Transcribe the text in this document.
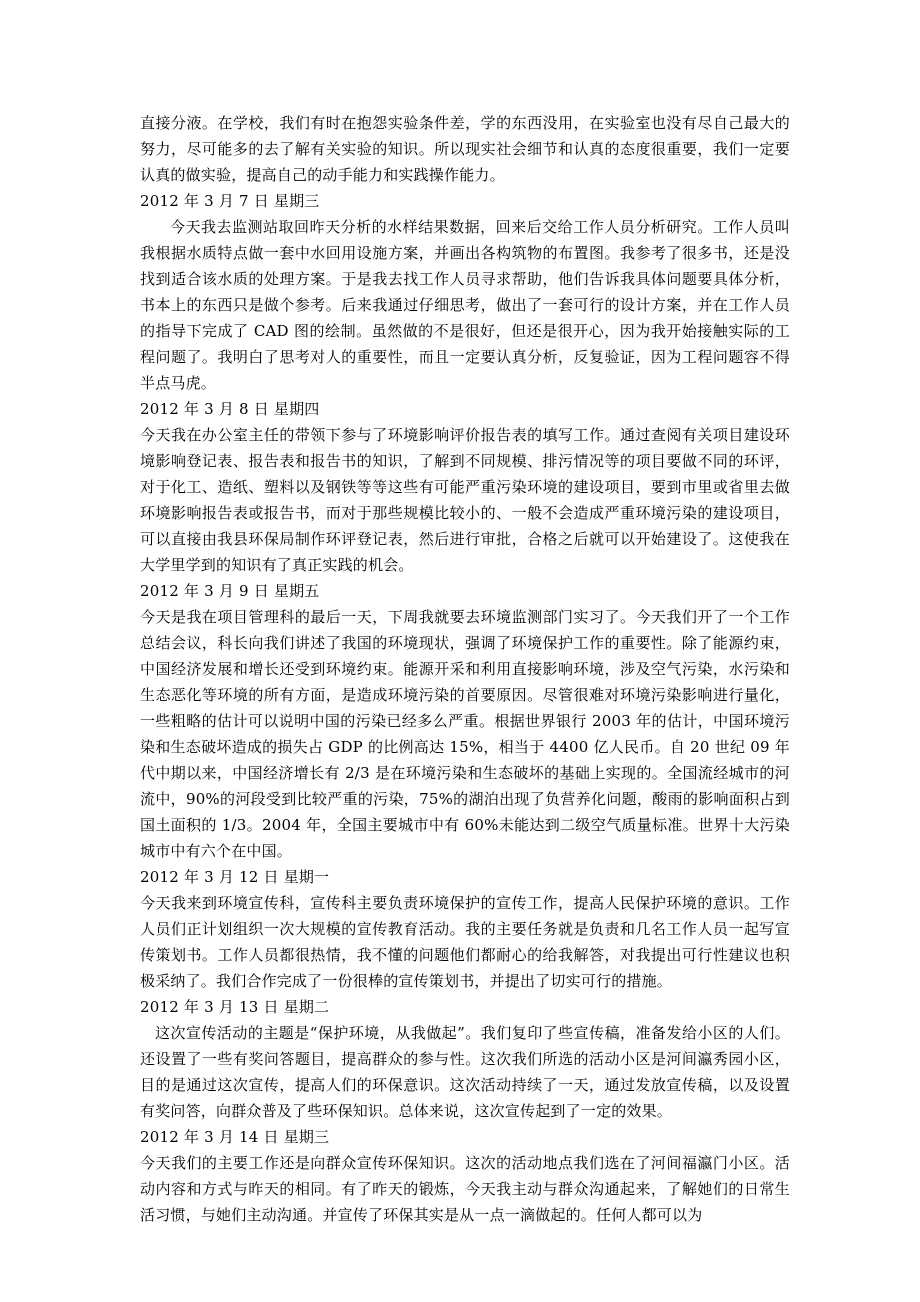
直接分液。在学校，我们有时在抱怨实验条件差，学的东西没用，在实验室也没有尽自己最大的努力，尽可能多的去了解有关实验的知识。所以现实社会细节和认真的态度很重要，我们一定要认真的做实验，提高自己的动手能力和实践操作能力。

2012 年 3 月 7 日 星期三

今天我去监测站取回昨天分析的水样结果数据，回来后交给工作人员分析研究。工作人员叫我根据水质特点做一套中水回用设施方案，并画出各构筑物的布置图。我参考了很多书，还是没找到适合该水质的处理方案。于是我去找工作人员寻求帮助，他们告诉我具体问题要具体分析，书本上的东西只是做个参考。后来我通过仔细思考，做出了一套可行的设计方案，并在工作人员的指导下完成了 CAD 图的绘制。虽然做的不是很好，但还是很开心，因为我开始接触实际的工程问题了。我明白了思考对人的重要性，而且一定要认真分析，反复验证，因为工程问题容不得半点马虎。

2012 年 3 月 8 日 星期四

今天我在办公室主任的带领下参与了环境影响评价报告表的填写工作。通过查阅有关项目建设环境影响登记表、报告表和报告书的知识，了解到不同规模、排污情况等的项目要做不同的环评，对于化工、造纸、塑料以及钢铁等等这些有可能严重污染环境的建设项目，要到市里或省里去做环境影响报告表或报告书，而对于那些规模比较小的、一般不会造成严重环境污染的建设项目，可以直接由我县环保局制作环评登记表，然后进行审批，合格之后就可以开始建设了。这使我在大学里学到的知识有了真正实践的机会。

2012 年 3 月 9 日 星期五

今天是我在项目管理科的最后一天，下周我就要去环境监测部门实习了。今天我们开了一个工作总结会议，科长向我们讲述了我国的环境现状，强调了环境保护工作的重要性。除了能源约束，中国经济发展和增长还受到环境约束。能源开采和利用直接影响环境，涉及空气污染，水污染和生态恶化等环境的所有方面，是造成环境污染的首要原因。尽管很难对环境污染影响进行量化，一些粗略的估计可以说明中国的污染已经多么严重。根据世界银行 2003 年的估计，中国环境污染和生态破坏造成的损失占 GDP 的比例高达 15%，相当于 4400 亿人民币。自 20 世纪 09 年代中期以来，中国经济增长有 2/3 是在环境污染和生态破坏的基础上实现的。全国流经城市的河流中，90%的河段受到比较严重的污染，75%的湖泊出现了负营养化问题，酸雨的影响面积占到国土面积的 1/3。2004 年，全国主要城市中有 60%未能达到二级空气质量标准。世界十大污染城市中有六个在中国。

2012 年 3 月 12 日 星期一

今天我来到环境宣传科，宣传科主要负责环境保护的宣传工作，提高人民保护环境的意识。工作人员们正计划组织一次大规模的宣传教育活动。我的主要任务就是负责和几名工作人员一起写宣传策划书。工作人员都很热情，我不懂的问题他们都耐心的给我解答，对我提出可行性建议也积极采纳了。我们合作完成了一份很棒的宣传策划书，并提出了切实可行的措施。

2012 年 3 月 13 日 星期二

这次宣传活动的主题是“保护环境，从我做起”。我们复印了些宣传稿，准备发给小区的人们。还设置了一些有奖问答题目，提高群众的参与性。这次我们所选的活动小区是河间瀛秀园小区，目的是通过这次宣传，提高人们的环保意识。这次活动持续了一天，通过发放宣传稿，以及设置有奖问答，向群众普及了些环保知识。总体来说，这次宣传起到了一定的效果。

2012 年 3 月 14 日 星期三

今天我们的主要工作还是向群众宣传环保知识。这次的活动地点我们选在了河间福瀛门小区。活动内容和方式与昨天的相同。有了昨天的锻炼，今天我主动与群众沟通起来，了解她们的日常生活习惯，与她们主动沟通。并宣传了环保其实是从一点一滴做起的。任何人都可以为
